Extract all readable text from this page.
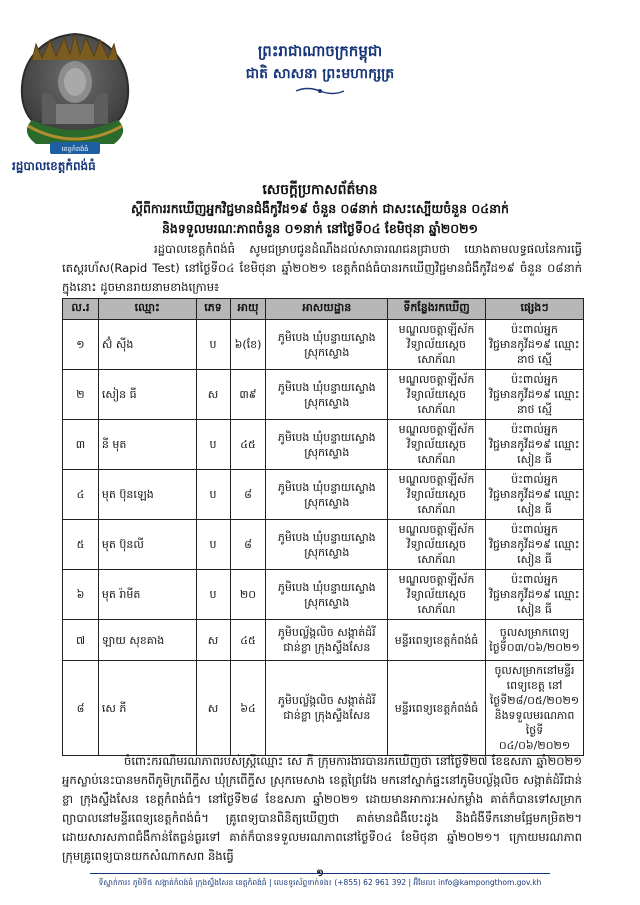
ព្រះរាជាណាចក្រកម្ពុជា
ជាតិ សាសនា ព្រះមហាក្សត្រ
ខេត្តកំពង់ធំ
រដ្ឋបាលខេត្តកំពង់ធំ
សេចក្ដីប្រកាសព័ត៌មាន
ស្ដីពីការរកឃើញអ្នកវិជ្ជមានជំងឺកូវីដ១៩ ចំនួន ០៨នាក់ ជាសះស្បើយចំនួន ០៤នាក់
និងទទួលមរណៈភាពចំនួន ០១នាក់ នៅថ្ងៃទី០៤ ខែមិថុនា ឆ្នាំ២០២១
រដ្ឋបាលខេត្តកំពង់ធំ សូមជម្រាបជូនដំណឹងដល់សាធារណជនជ្រាបថា យោងតាមលទ្ធផលនៃការធ្វើតេស្តរហ័ស(Rapid Test) នៅថ្ងៃទី០៤ ខែមិថុនា ឆ្នាំ២០២១ ខេត្តកំពង់ធំបានរកឃើញវិជ្ជមានជំងឺកូវីដ១៩ ចំនួន ០៨នាក់ ក្នុងនោះ ដូចមានរាយនាមខាងក្រោម៖
ល.រ	ឈ្មោះ	ភេទ	អាយុ	អាសយដ្ឋាន	ទីកន្លែងរកឃើញ	ផ្សេងៗ
១	ស៊ំ ស៊ីង	ប	៦(ខែ)	ភូមិបេង ឃុំបន្ទាយស្ទោង ស្រុកស្ទោង	មណ្ឌលចត្តាឡីស័ក វិទ្យាល័យស្ដេចសោភ័ណ	ប៉ះពាល់អ្នកវិជ្ជមានកូវីដ១៩ ឈ្មោះ នាថ ស្មើ
២	សៀន ធី	ស	៣៩	ភូមិបេង ឃុំបន្ទាយស្ទោង ស្រុកស្ទោង	មណ្ឌលចត្តាឡីស័ក វិទ្យាល័យស្ដេចសោភ័ណ	ប៉ះពាល់អ្នកវិជ្ជមានកូវីដ១៩ ឈ្មោះ នាថ ស្មើ
៣	នី មុត	ប	៤៥	ភូមិបេង ឃុំបន្ទាយស្ទោង ស្រុកស្ទោង	មណ្ឌលចត្តាឡីស័ក វិទ្យាល័យស្ដេចសោភ័ណ	ប៉ះពាល់អ្នកវិជ្ជមានកូវីដ១៩ ឈ្មោះ សៀន ធី
៤	មុត ប៊ុនឡេង	ប	៨	ភូមិបេង ឃុំបន្ទាយស្ទោង ស្រុកស្ទោង	មណ្ឌលចត្តាឡីស័ក វិទ្យាល័យស្ដេចសោភ័ណ	ប៉ះពាល់អ្នកវិជ្ជមានកូវីដ១៩ ឈ្មោះ សៀន ធី
៥	មុត ប៊ុនលី	ប	៨	ភូមិបេង ឃុំបន្ទាយស្ទោង ស្រុកស្ទោង	មណ្ឌលចត្តាឡីស័ក វិទ្យាល័យស្ដេចសោភ័ណ	ប៉ះពាល់អ្នកវិជ្ជមានកូវីដ១៩ ឈ្មោះ សៀន ធី
៦	មុត រ៉ាមីត	ប	២០	ភូមិបេង ឃុំបន្ទាយស្ទោង ស្រុកស្ទោង	មណ្ឌលចត្តាឡីស័ក វិទ្យាល័យស្ដេចសោភ័ណ	ប៉ះពាល់អ្នកវិជ្ជមានកូវីដ១៩ ឈ្មោះ សៀន ធី
៧	ឡាយ សុខគាង	ស	៤៥	ភូមិបល្ល័ង្កលិច សង្កាត់ដំរីជាន់ខ្លា ក្រុងស្ទឹងសែន	មន្ទីរពេទ្យខេត្តកំពង់ធំ	ចូលសម្រាកពេទ្យ ថ្ងៃទី០៣/០៦/២០២១
៨	សេ ភី	ស	៦៤	ភូមិបល្ល័ង្កលិច សង្កាត់ដំរីជាន់ខ្លា ក្រុងស្ទឹងសែន	មន្ទីរពេទ្យខេត្តកំពង់ធំ	ចូលសម្រាកនៅមន្ទីរពេទ្យខេត្ត នៅថ្ងៃទី២៨/០៥/២០២១ និងទទួលមរណភាពថ្ងៃទី ០៤/០៦/២០២១
ចំពោះករណីមរណភាពរបស់ស្ត្រីឈ្មោះ សេ ភី ក្រុមការងារបានរកឃើញថា នៅថ្ងៃទី២៧ ខែឧសភា ឆ្នាំ២០២១ អ្នកស្លាប់នេះបានមកពីភូមិក្រពើក្ទីស ឃុំក្រពើក្ទីស ស្រុកមេសាង ខេត្តព្រៃវែង មកនៅស្នាក់ផ្ទះនៅភូមិបល្ល័ង្កលិច សង្កាត់ដំរីជាន់ខ្លា ក្រុងស្ទឹងសែន ខេត្តកំពង់ធំ។ នៅថ្ងៃទី២៨ ខែឧសភា ឆ្នាំ២០២១ ដោយមានអាការៈអស់កម្លាំង គាត់ក៏បានទៅសម្រាកព្យាបាលនៅមន្ទីរពេទ្យខេត្តកំពង់ធំ។ គ្រូពេទ្យបានពិនិត្យឃើញថា គាត់មានជំងឺបេះដូង និងជំងឺទឹកនោមផ្អែមកម្រិត២។ ដោយសារសភាពជំងឺកាន់តែធ្ងន់ធ្ងរទៅ គាត់ក៏បានទទួលមរណភាពនៅថ្ងៃទី០៤ ខែមិថុនា ឆ្នាំ២០២១។ ក្រោយមរណភាព ក្រុមគ្រូពេទ្យបានយកសំណាកសព និងធ្វើ
ទីស្នាក់ការ៖ ភូមិទី៥ សង្កាត់កំពង់ធំ ក្រុងស្ទឹងសែន ខេត្តកំពង់ធំ | លេខទូរស័ព្ទទាក់ទង៖ (+855) 62 961 392 | អ៊ីមែល៖ info@kampongthom.gov.kh
